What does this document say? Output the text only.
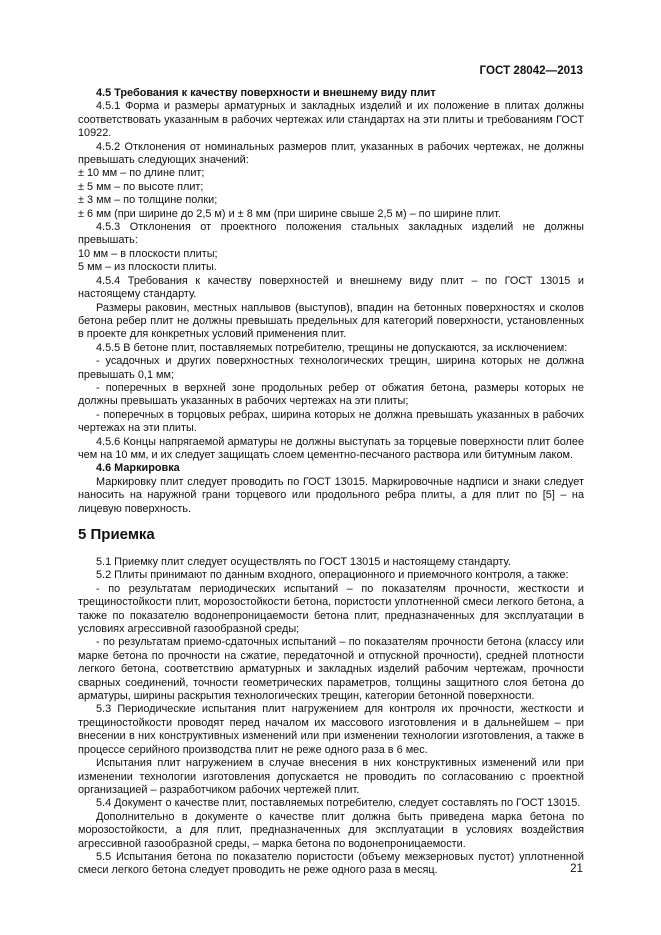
ГОСТ 28042—2013

4.5 Требования к качеству поверхности и внешнему виду плит

4.5.1 Форма и размеры арматурных и закладных изделий и их положение в плитах должны соответствовать указанным в рабочих чертежах или стандартах на эти плиты и требованиям ГОСТ 10922.

4.5.2 Отклонения от номинальных размеров плит, указанных в рабочих чертежах, не должны превышать следующих значений:

± 10 мм – по длине плит;

± 5 мм – по высоте плит;

± 3 мм – по толщине полки;

± 6 мм (при ширине до 2,5 м) и ± 8 мм (при ширине свыше 2,5 м) – по ширине плит.

4.5.3 Отклонения от проектного положения стальных закладных изделий не должны превышать:

10 мм – в плоскости плиты;

5 мм – из плоскости плиты.

4.5.4 Требования к качеству поверхностей и внешнему виду плит – по ГОСТ 13015 и настоящему стандарту.

Размеры раковин, местных наплывов (выступов), впадин на бетонных поверхностях и сколов бетона ребер плит не должны превышать предельных для категорий поверхности, установленных в проекте для конкретных условий применения плит.

4.5.5 В бетоне плит, поставляемых потребителю, трещины не допускаются, за исключением:

- усадочных и других поверхностных технологических трещин, ширина которых не должна превышать 0,1 мм;

- поперечных в верхней зоне продольных ребер от обжатия бетона, размеры которых не должны превышать указанных в рабочих чертежах на эти плиты;

- поперечных в торцовых ребрах, ширина которых не должна превышать указанных в рабочих чертежах на эти плиты.

4.5.6 Концы напрягаемой арматуры не должны выступать за торцевые поверхности плит более чем на 10 мм, и их следует защищать слоем цементно-песчаного раствора или битумным лаком.

4.6 Маркировка

Маркировку плит следует проводить по ГОСТ 13015. Маркировочные надписи и знаки следует наносить на наружной грани торцевого или продольного ребра плиты, а для плит по [5] – на лицевую поверхность.

5 Приемка

5.1 Приемку плит следует осуществлять по ГОСТ 13015 и настоящему стандарту.

5.2 Плиты принимают по данным входного, операционного и приемочного контроля, а также:

- по результатам периодических испытаний – по показателям прочности, жесткости и трещиностойкости плит, морозостойкости бетона, пористости уплотненной смеси легкого бетона, а также по показателю водонепроницаемости бетона плит, предназначенных для эксплуатации в условиях агрессивной газообразной среды;

- по результатам приемо-сдаточных испытаний – по показателям прочности бетона (классу или марке бетона по прочности на сжатие, передаточной и отпускной прочности), средней плотности легкого бетона, соответствию арматурных и закладных изделий рабочим чертежам, прочности сварных соединений, точности геометрических параметров, толщины защитного слоя бетона до арматуры, ширины раскрытия технологических трещин, категории бетонной поверхности.

5.3 Периодические испытания плит нагружением для контроля их прочности, жесткости и трещиностойкости проводят перед началом их массового изготовления и в дальнейшем – при внесении в них конструктивных изменений или при изменении технологии изготовления, а также в процессе серийного производства плит не реже одного раза в 6 мес.

Испытания плит нагружением в случае внесения в них конструктивных изменений или при изменении технологии изготовления допускается не проводить по согласованию с проектной организацией – разработчиком рабочих чертежей плит.

5.4 Документ о качестве плит, поставляемых потребителю, следует составлять по ГОСТ 13015.

Дополнительно в документе о качестве плит должна быть приведена марка бетона по морозостойкости, а для плит, предназначенных для эксплуатации в условиях воздействия агрессивной газообразной среды, – марка бетона по водонепроницаемости.

5.5 Испытания бетона по показателю пористости (объему межзерновых пустот) уплотненной смеси легкого бетона следует проводить не реже одного раза в месяц.	21
